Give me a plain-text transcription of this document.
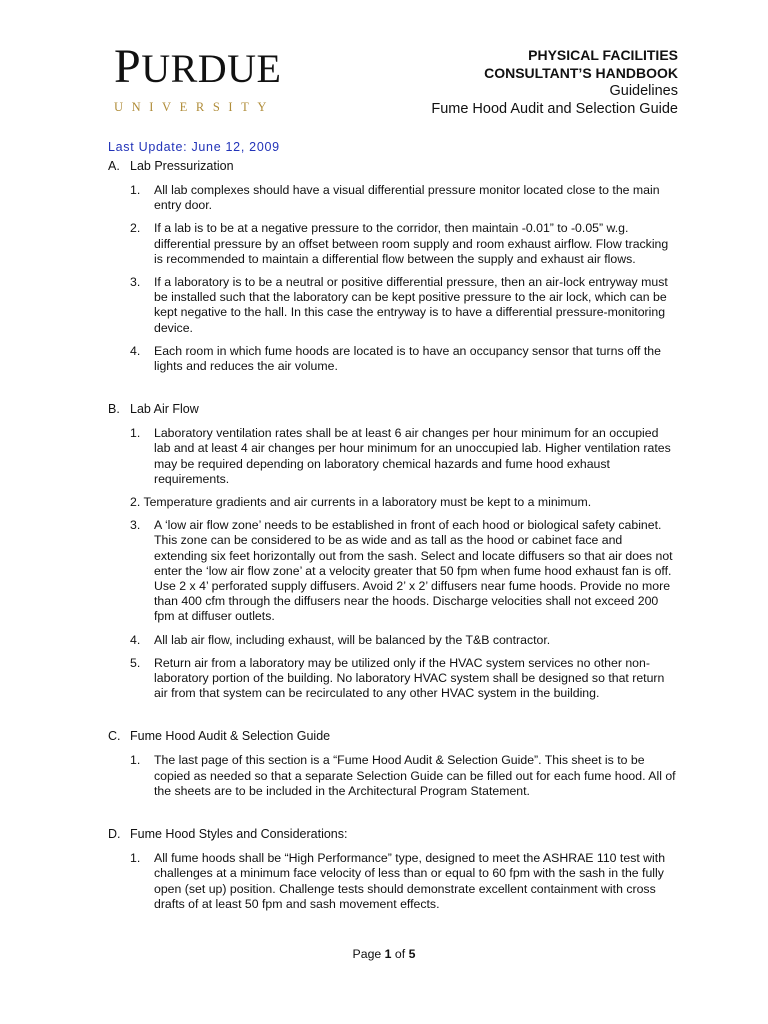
PURDUE
UNIVERSITY
PHYSICAL FACILITIES
CONSULTANT’S HANDBOOK
Guidelines
Fume Hood Audit and Selection Guide
Last Update: June 12, 2009
A. Lab Pressurization
1. All lab complexes should have a visual differential pressure monitor located close to the main entry door.
2. If a lab is to be at a negative pressure to the corridor, then maintain -0.01” to -0.05” w.g. differential pressure by an offset between room supply and room exhaust airflow. Flow tracking is recommended to maintain a differential flow between the supply and exhaust air flows.
3. If a laboratory is to be a neutral or positive differential pressure, then an air-lock entryway must be installed such that the laboratory can be kept positive pressure to the air lock, which can be kept negative to the hall. In this case the entryway is to have a differential pressure-monitoring device.
4. Each room in which fume hoods are located is to have an occupancy sensor that turns off the lights and reduces the air volume.
B. Lab Air Flow
1. Laboratory ventilation rates shall be at least 6 air changes per hour minimum for an occupied lab and at least 4 air changes per hour minimum for an unoccupied lab. Higher ventilation rates may be required depending on laboratory chemical hazards and fume hood exhaust requirements.
2. Temperature gradients and air currents in a laboratory must be kept to a minimum.
3. A ‘low air flow zone’ needs to be established in front of each hood or biological safety cabinet. This zone can be considered to be as wide and as tall as the hood or cabinet face and extending six feet horizontally out from the sash. Select and locate diffusers so that air does not enter the ‘low air flow zone’ at a velocity greater that 50 fpm when fume hood exhaust fan is off. Use 2 x 4’ perforated supply diffusers. Avoid 2’ x 2’ diffusers near fume hoods. Provide no more than 400 cfm through the diffusers near the hoods. Discharge velocities shall not exceed 200 fpm at diffuser outlets.
4. All lab air flow, including exhaust, will be balanced by the T&B contractor.
5. Return air from a laboratory may be utilized only if the HVAC system services no other non-laboratory portion of the building. No laboratory HVAC system shall be designed so that return air from that system can be recirculated to any other HVAC system in the building.
C. Fume Hood Audit & Selection Guide
1. The last page of this section is a “Fume Hood Audit & Selection Guide”. This sheet is to be copied as needed so that a separate Selection Guide can be filled out for each fume hood. All of the sheets are to be included in the Architectural Program Statement.
D. Fume Hood Styles and Considerations:
1. All fume hoods shall be “High Performance” type, designed to meet the ASHRAE 110 test with challenges at a minimum face velocity of less than or equal to 60 fpm with the sash in the fully open (set up) position. Challenge tests should demonstrate excellent containment with cross drafts of at least 50 fpm and sash movement effects.
Page 1 of 5
